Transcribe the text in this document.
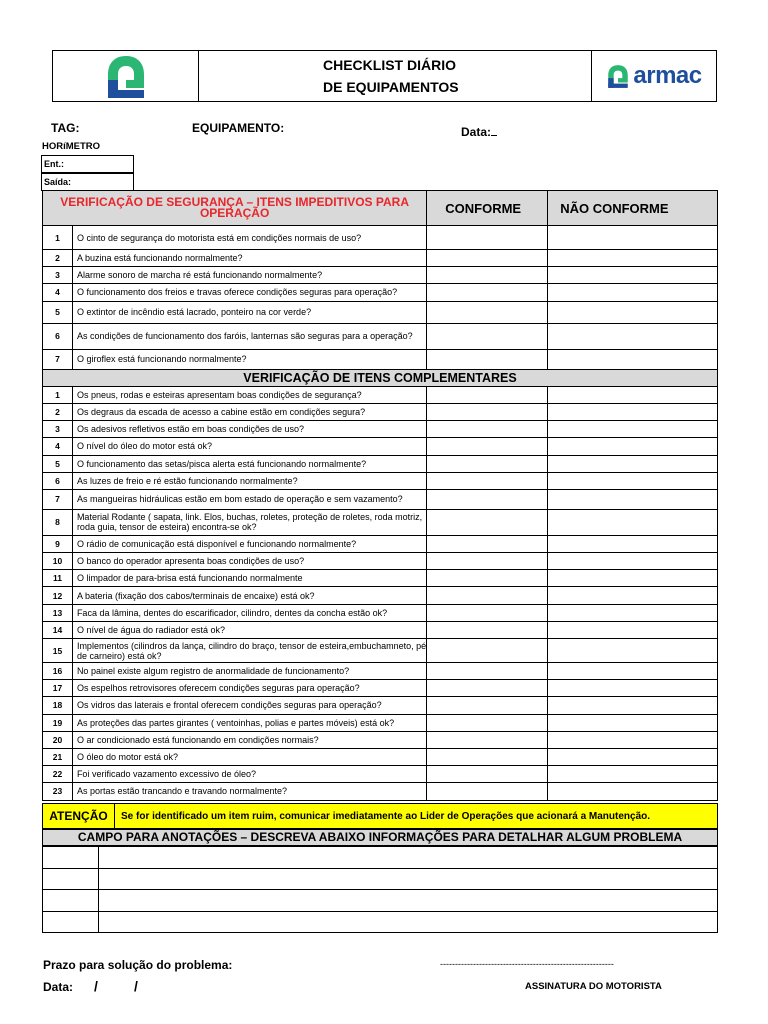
CHECKLIST DIÁRIO
DE EQUIPAMENTOS	armac
TAG:	EQUIPAMENTO:	Data:
HORíMETRO
Ent.:
Saída:
VERIFICAÇÃO DE SEGURANÇA – ITENS IMPEDITIVOS PARA OPERAÇÃO		CONFORME	NÃO CONFORME
1	O cinto de segurança do motorista está em condições normais de uso?		
2	A buzina está funcionando normalmente?		
3	Alarme sonoro de marcha ré está funcionando normalmente?		
4	O funcionamento dos freios e travas oferece condições seguras para operação?		
5	O extintor de incêndio está lacrado, ponteiro na cor verde?		
6	As condições de funcionamento dos faróis, lanternas são seguras para a operação?		
7	O giroflex está funcionando normalmente?		
VERIFICAÇÃO DE ITENS COMPLEMENTARES			
1	Os pneus, rodas e esteiras apresentam boas condições de segurança?		
2	Os degraus da escada de acesso a cabine estão em condições segura?		
3	Os adesivos refletivos estão em boas condições de uso?		
4	O nível do óleo do motor está ok?		
5	O funcionamento das setas/pisca alerta está funcionando normalmente?		
6	As luzes de freio e ré estão funcionando normalmente?		
7	As mangueiras hidráulicas estão em bom estado de operação e sem vazamento?		
8	Material Rodante ( sapata, link. Elos, buchas, roletes, proteção de roletes, roda motriz, roda guia, tensor de esteira) encontra-se ok?		
9	O rádio de comunicação está disponível e funcionando normalmente?		
10	O banco do operador apresenta boas condições de uso?		
11	O limpador de para-brisa está funcionando normalmente		
12	A bateria (fixação dos cabos/terminais de encaixe) está ok?		
13	Faca da lâmina, dentes do escarificador, cilindro, dentes da concha estão ok?		
14	O nível de água do radiador está ok?		
15	Implementos (cilindros da lança, cilindro do braço, tensor de esteira,embuchamneto, pé de carneiro) está ok?		
16	No painel existe algum registro de anormalidade de funcionamento?		
17	Os espelhos retrovisores oferecem condições seguras para operação?		
18	Os vidros das laterais e frontal oferecem condições seguras para operação?		
19	As proteções das partes girantes ( ventoinhas, polias e partes móveis) está ok?		
20	O ar condicionado está funcionando em condições normais?		
21	O óleo do motor está ok?		
22	Foi verificado vazamento excessivo de óleo?		
23	As portas estão trancando e travando normalmente?		
ATENÇÃO	Se for identificado um item ruim, comunicar imediatamente ao Lider de Operações que acionará a Manutenção.
CAMPO PARA ANOTAÇÕES – DESCREVA ABAIXO INFORMAÇÕES PARA DETALHAR ALGUM PROBLEMA

Prazo para solução do problema:	----------------------------------------------------------
Data: /	/	ASSINATURA DO MOTORISTA
